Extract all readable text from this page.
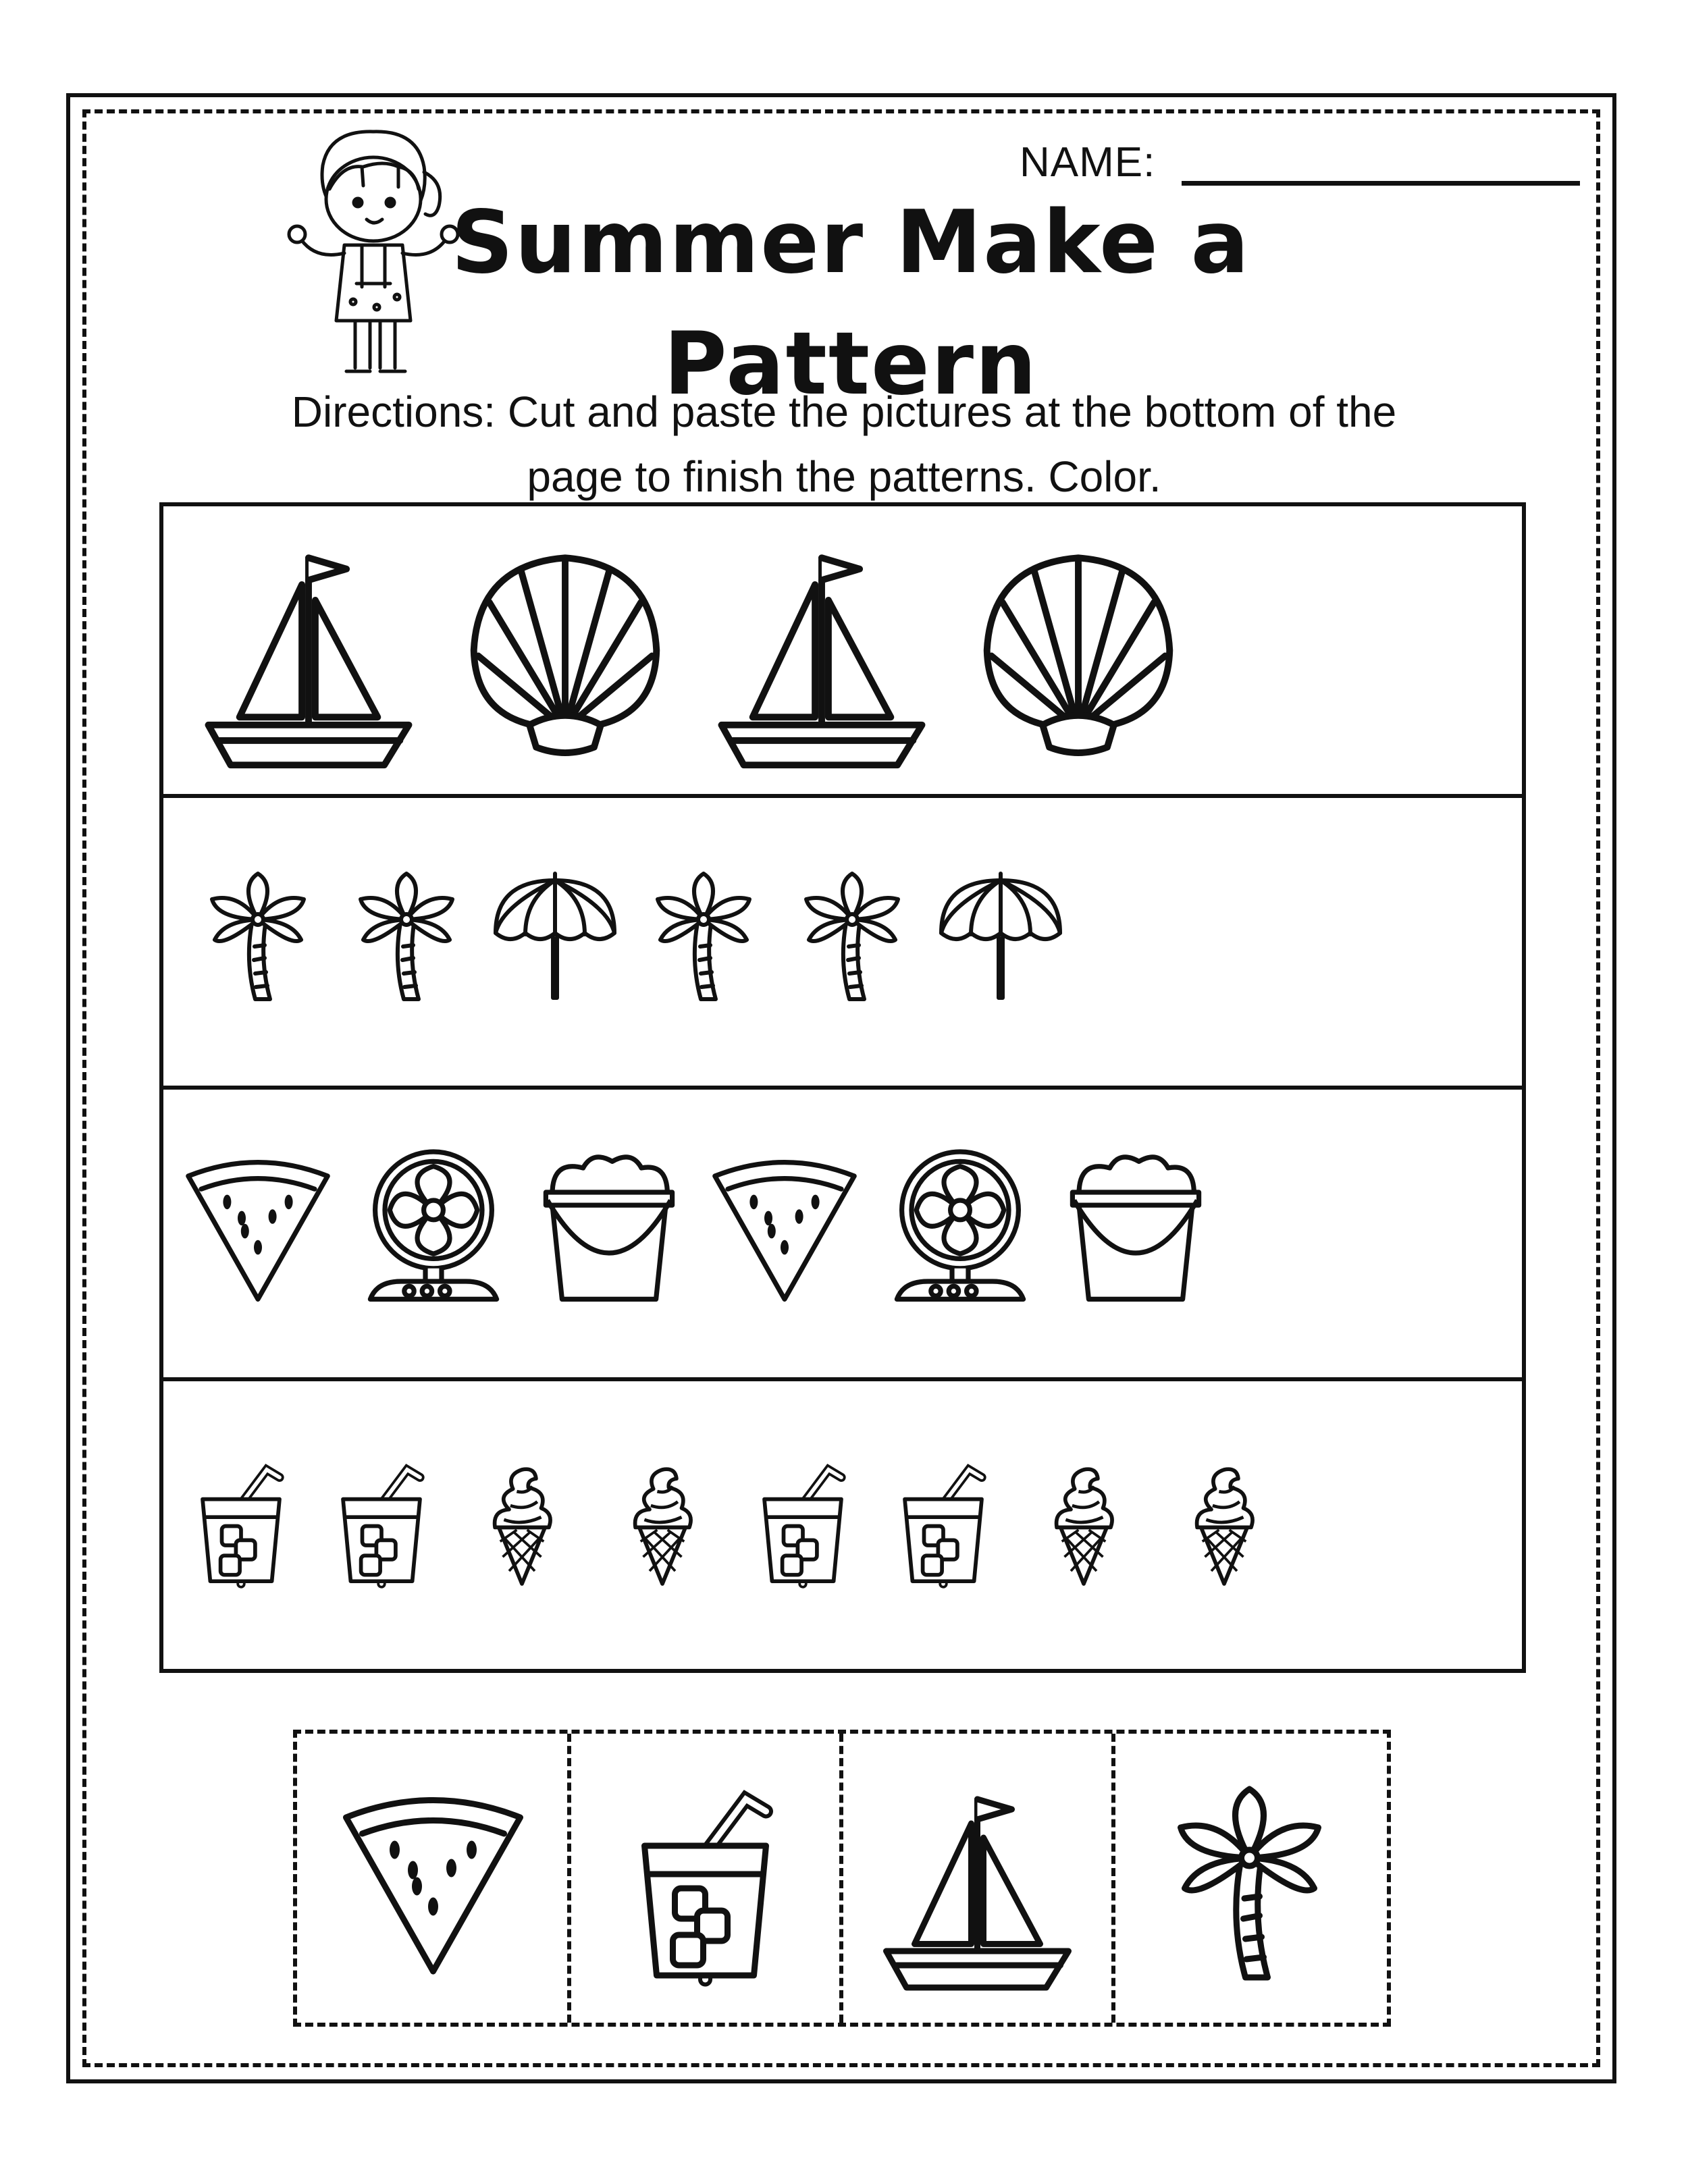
NAME:
Summer Make a
Pattern
Directions: Cut and paste the pictures at the bottom of the
page to finish the patterns. Color.
